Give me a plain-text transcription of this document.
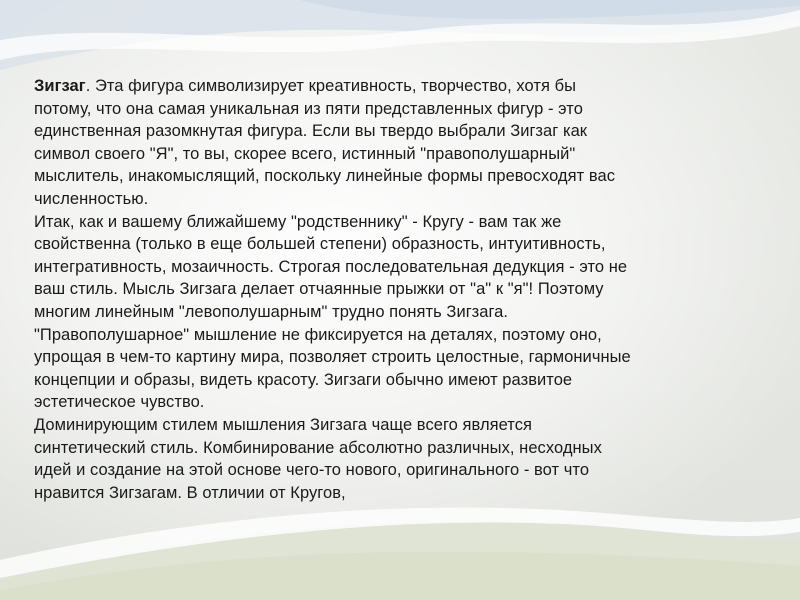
Зигзаг. Эта фигура символизирует креативность, творчество, хотя бы
потому, что она самая уникальная из пяти представленных фигур - это
единственная разомкнутая фигура. Если вы твердо выбрали Зигзаг как
символ своего "Я", то вы, скорее всего, истинный "правополушарный"
мыслитель, инакомыслящий, поскольку линейные формы превосходят вас
численностью.
Итак, как и вашему ближайшему "родственнику" - Кругу - вам так же
свойственна (только в еще большей степени) образность, интуитивность,
интегративность, мозаичность. Строгая последовательная дедукция - это не
ваш стиль. Мысль Зигзага делает отчаянные прыжки от "а" к "я"! Поэтому
многим линейным "левополушарным" трудно понять Зигзага.
"Правополушарное" мышление не фиксируется на деталях, поэтому оно,
упрощая в чем-то картину мира, позволяет строить целостные, гармоничные
концепции и образы, видеть красоту. Зигзаги обычно имеют развитое
эстетическое чувство.
Доминирующим стилем мышления Зигзага чаще всего является
синтетический стиль. Комбинирование абсолютно различных, несходных
идей и создание на этой основе чего-то нового, оригинального - вот что
нравится Зигзагам. В отличии от Кругов,
